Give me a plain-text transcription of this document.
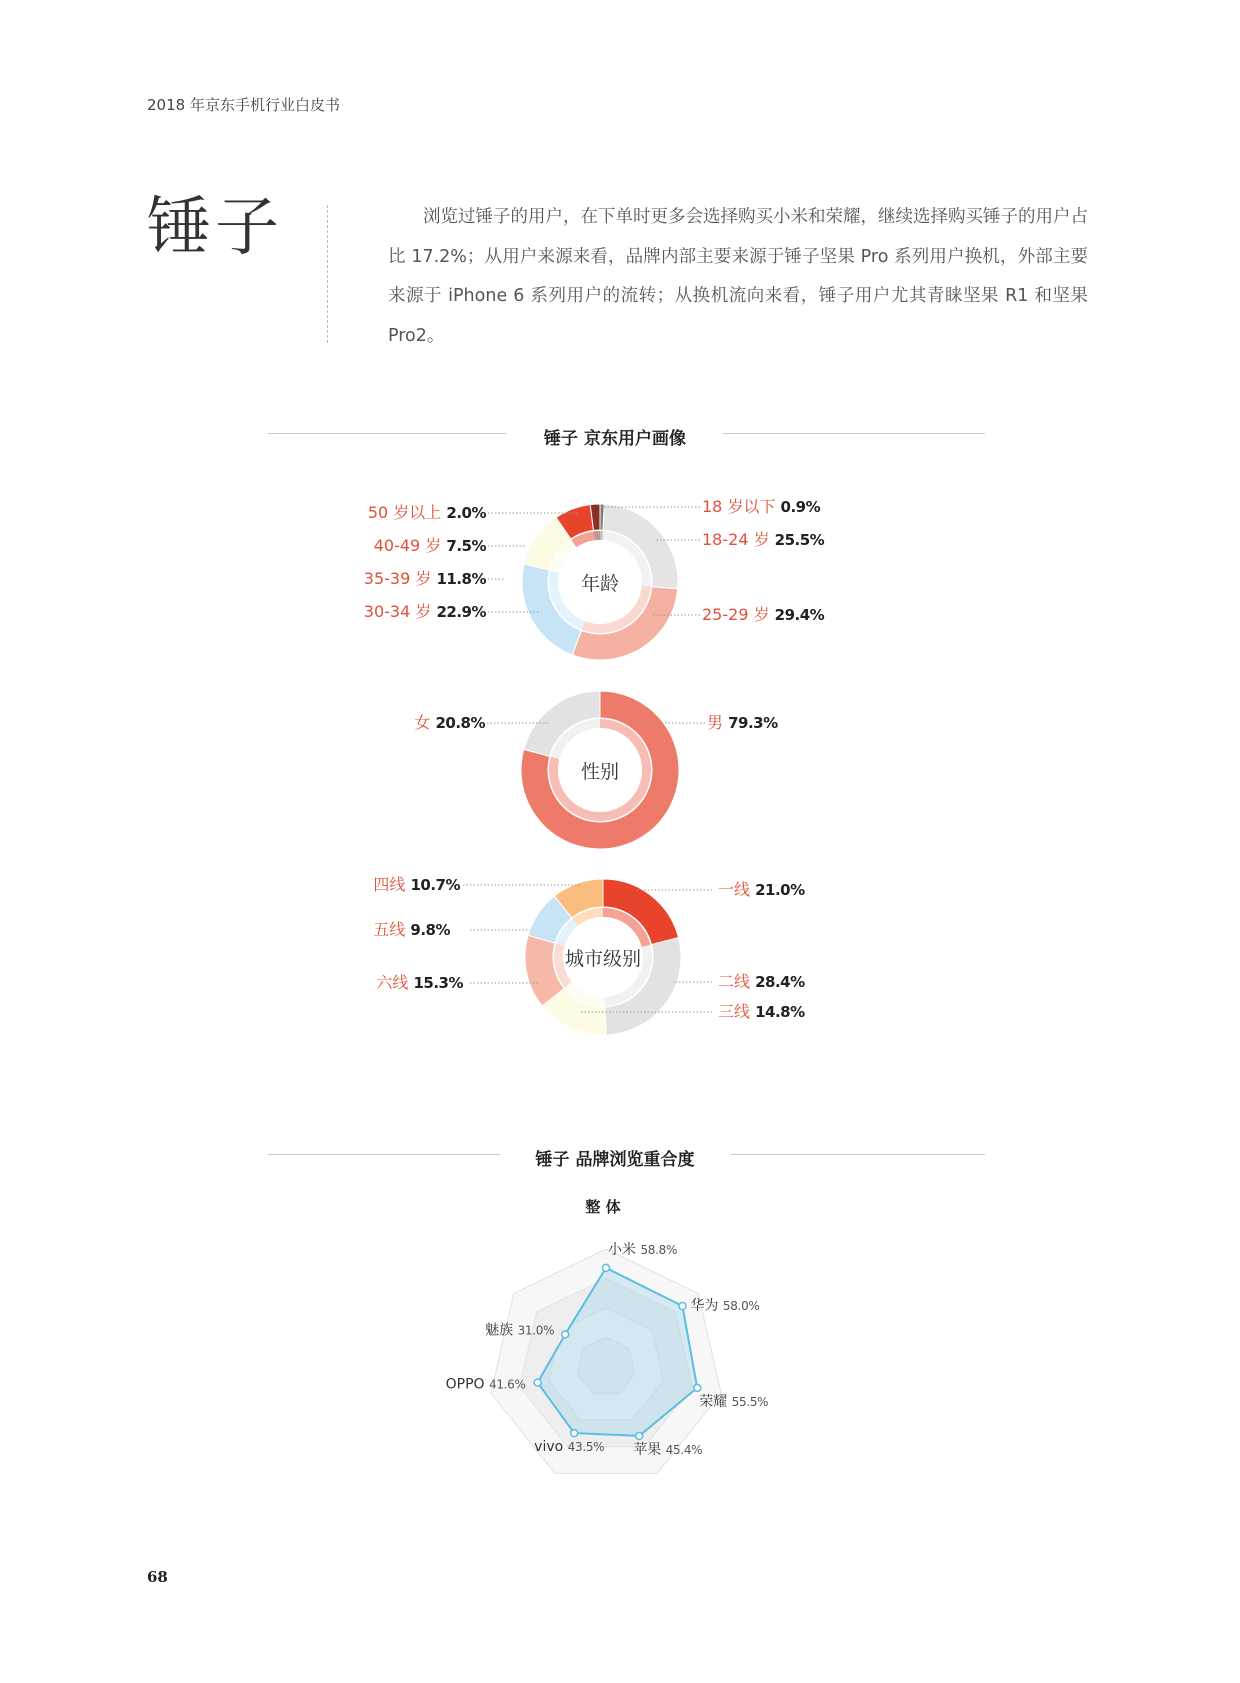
2018 年京东手机行业白皮书
锤子	浏览过锤子的用户，在下单时更多会选择购买小米和荣耀，继续选择购买锤子的用户占比 17.2%；从用户来源来看，品牌内部主要来源于锤子坚果 Pro 系列用户换机，外部主要来源于 iPhone 6 系列用户的流转；从换机流向来看，锤子用户尤其青睐坚果 R1 和坚果 Pro2。

锤子 京东用户画像
锤子 品牌浏览重合度
年龄
18 岁以下 0.9%
18-24 岁 25.5%
25-29 岁 29.4%
30-34 岁 22.9%
35-39 岁 11.8%
40-49 岁 7.5%
50 岁以上 2.0%
性别
男 79.3%
女 20.8%
城市级别
一线 21.0%
二线 28.4%
三线 14.8%
六线 15.3%
五线 9.8%
四线 10.7%
整 体
小米 58.8%
华为 58.0%
荣耀 55.5%
苹果 45.4%
vivo 43.5%
OPPO 41.6%
魅族 31.0%
68
